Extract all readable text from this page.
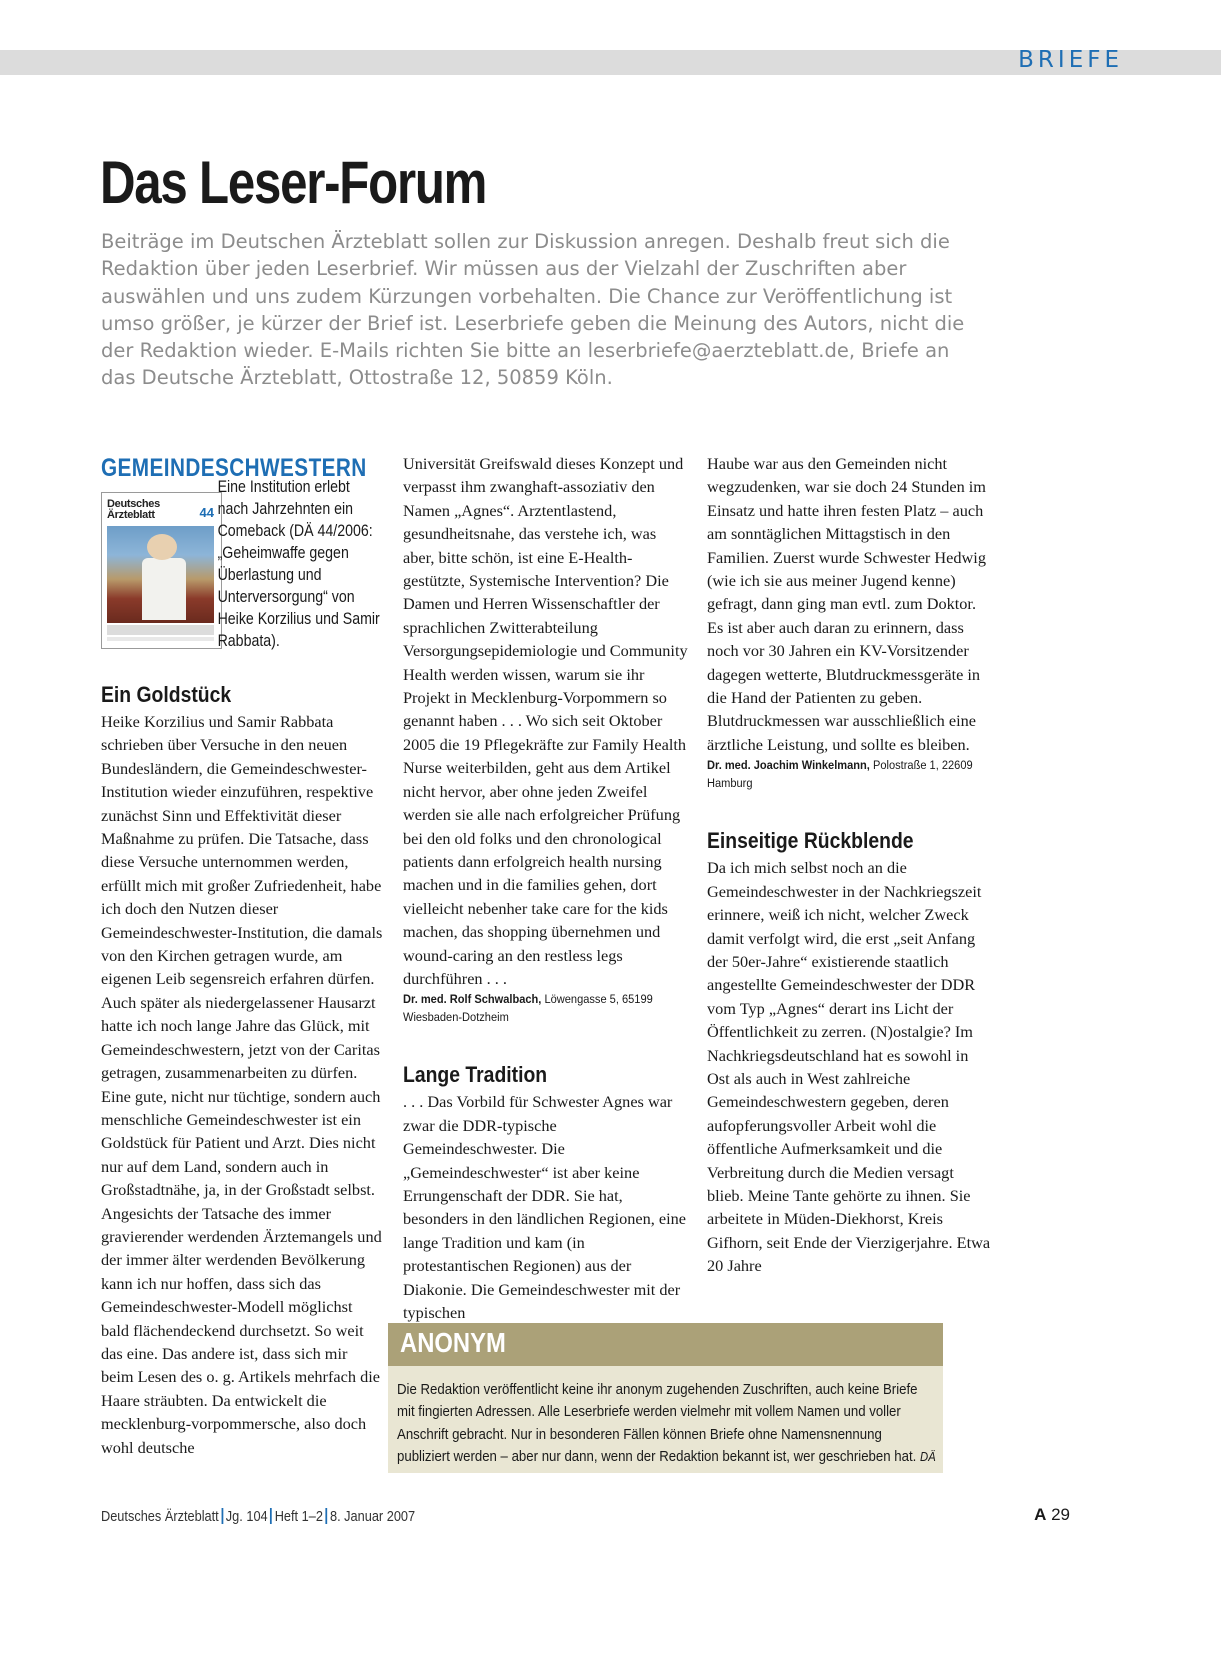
BRIEFE
Das Leser-Forum

Beiträge im Deutschen Ärzteblatt sollen zur Diskussion anregen. Deshalb freut sich die Redaktion über jeden Leserbrief. Wir müssen aus der Vielzahl der Zuschriften aber auswählen und uns zudem Kürzungen vorbehalten. Die Chance zur Veröffentlichung ist umso größer, je kürzer der Brief ist. Leserbriefe geben die Meinung des Autors, nicht die der Redaktion wieder. E-Mails richten Sie bitte an leserbriefe@aerzteblatt.de, Briefe an das Deutsche Ärzteblatt, Ottostraße 12, 50859 Köln.

GEMEINDESCHWESTERN
Deutsches Ärzteblatt	44

Eine Institution erlebt nach Jahrzehnten ein Comeback (DÄ 44/2006: „Geheimwaffe gegen Überlastung und Unterversorgung“ von Heike Korzilius und Samir Rabbata).

Ein Goldstück

Heike Korzilius und Samir Rabbata schrieben über Versuche in den neuen Bundesländern, die Gemeindeschwester-Institution wieder einzuführen, respektive zunächst Sinn und Effektivität dieser Maßnahme zu prüfen. Die Tatsache, dass diese Versuche unternommen werden, erfüllt mich mit großer Zufriedenheit, habe ich doch den Nutzen dieser Gemeindeschwester-Institution, die damals von den Kirchen getragen wurde, am eigenen Leib segensreich erfahren dürfen. Auch später als niedergelassener Hausarzt hatte ich noch lange Jahre das Glück, mit Gemeindeschwestern, jetzt von der Caritas getragen, zusammenarbeiten zu dürfen. Eine gute, nicht nur tüchtige, sondern auch menschliche Gemeindeschwester ist ein Goldstück für Patient und Arzt. Dies nicht nur auf dem Land, sondern auch in Großstadtnähe, ja, in der Großstadt selbst. Angesichts der Tatsache des immer gravierender werdenden Ärztemangels und der immer älter werdenden Bevölkerung kann ich nur hoffen, dass sich das Gemeindeschwester-Modell möglichst bald flächendeckend durchsetzt. So weit das eine. Das andere ist, dass sich mir beim Lesen des o. g. Artikels mehrfach die Haare sträubten. Da entwickelt die mecklenburg-vorpommersche, also doch wohl deutsche

Universität Greifswald dieses Konzept und verpasst ihm zwanghaft-assoziativ den Namen „Agnes“. Arztentlastend, gesundheitsnahe, das verstehe ich, was aber, bitte schön, ist eine E-Health-gestützte, Systemische Intervention? Die Damen und Herren Wissenschaftler der sprachlichen Zwitterabteilung Versorgungsepidemiologie und Community Health werden wissen, warum sie ihr Projekt in Mecklenburg-Vorpommern so genannt haben . . . Wo sich seit Oktober 2005 die 19 Pflegekräfte zur Family Health Nurse weiterbilden, geht aus dem Artikel nicht hervor, aber ohne jeden Zweifel werden sie alle nach erfolgreicher Prüfung bei den old folks und den chronological patients dann erfolgreich health nursing machen und in die families gehen, dort vielleicht nebenher take care for the kids machen, das shopping übernehmen und wound-caring an den restless legs durchführen . . .

Dr. med. Rolf Schwalbach, Löwengasse 5, 65199 Wiesbaden-Dotzheim

Lange Tradition

. . . Das Vorbild für Schwester Agnes war zwar die DDR-typische Gemeindeschwester. Die „Gemeindeschwester“ ist aber keine Errungenschaft der DDR. Sie hat, besonders in den ländlichen Regionen, eine lange Tradition und kam (in protestantischen Regionen) aus der Diakonie. Die Gemeindeschwester mit der typischen

Haube war aus den Gemeinden nicht wegzudenken, war sie doch 24 Stunden im Einsatz und hatte ihren festen Platz – auch am sonntäglichen Mittagstisch in den Familien. Zuerst wurde Schwester Hedwig (wie ich sie aus meiner Jugend kenne) gefragt, dann ging man evtl. zum Doktor. Es ist aber auch daran zu erinnern, dass noch vor 30 Jahren ein KV-Vorsitzender dagegen wetterte, Blutdruckmessgeräte in die Hand der Patienten zu geben. Blutdruckmessen war ausschließlich eine ärztliche Leistung, und sollte es bleiben.

Dr. med. Joachim Winkelmann, Polostraße 1, 22609 Hamburg

Einseitige Rückblende

Da ich mich selbst noch an die Gemeindeschwester in der Nachkriegszeit erinnere, weiß ich nicht, welcher Zweck damit verfolgt wird, die erst „seit Anfang der 50er-Jahre“ existierende staatlich angestellte Gemeindeschwester der DDR vom Typ „Agnes“ derart ins Licht der Öffentlichkeit zu zerren. (N)ostalgie? Im Nachkriegsdeutschland hat es sowohl in Ost als auch in West zahlreiche Gemeindeschwestern gegeben, deren aufopferungsvoller Arbeit wohl die öffentliche Aufmerksamkeit und die Verbreitung durch die Medien versagt blieb. Meine Tante gehörte zu ihnen. Sie arbeitete in Müden-Diekhorst, Kreis Gifhorn, seit Ende der Vierzigerjahre. Etwa 20 Jahre

ANONYM

Die Redaktion veröffentlicht keine ihr anonym zugehenden Zuschriften, auch keine Briefe mit fingierten Adressen. Alle Leserbriefe werden vielmehr mit vollem Namen und voller Anschrift gebracht. Nur in besonderen Fällen können Briefe ohne Namensnennung publiziert werden – aber nur dann, wenn der Redaktion bekannt ist, wer geschrieben hat. DÄ

Deutsches Ärzteblatt Jg. 104 Heft 1–2 8. Januar 2007	A 29
